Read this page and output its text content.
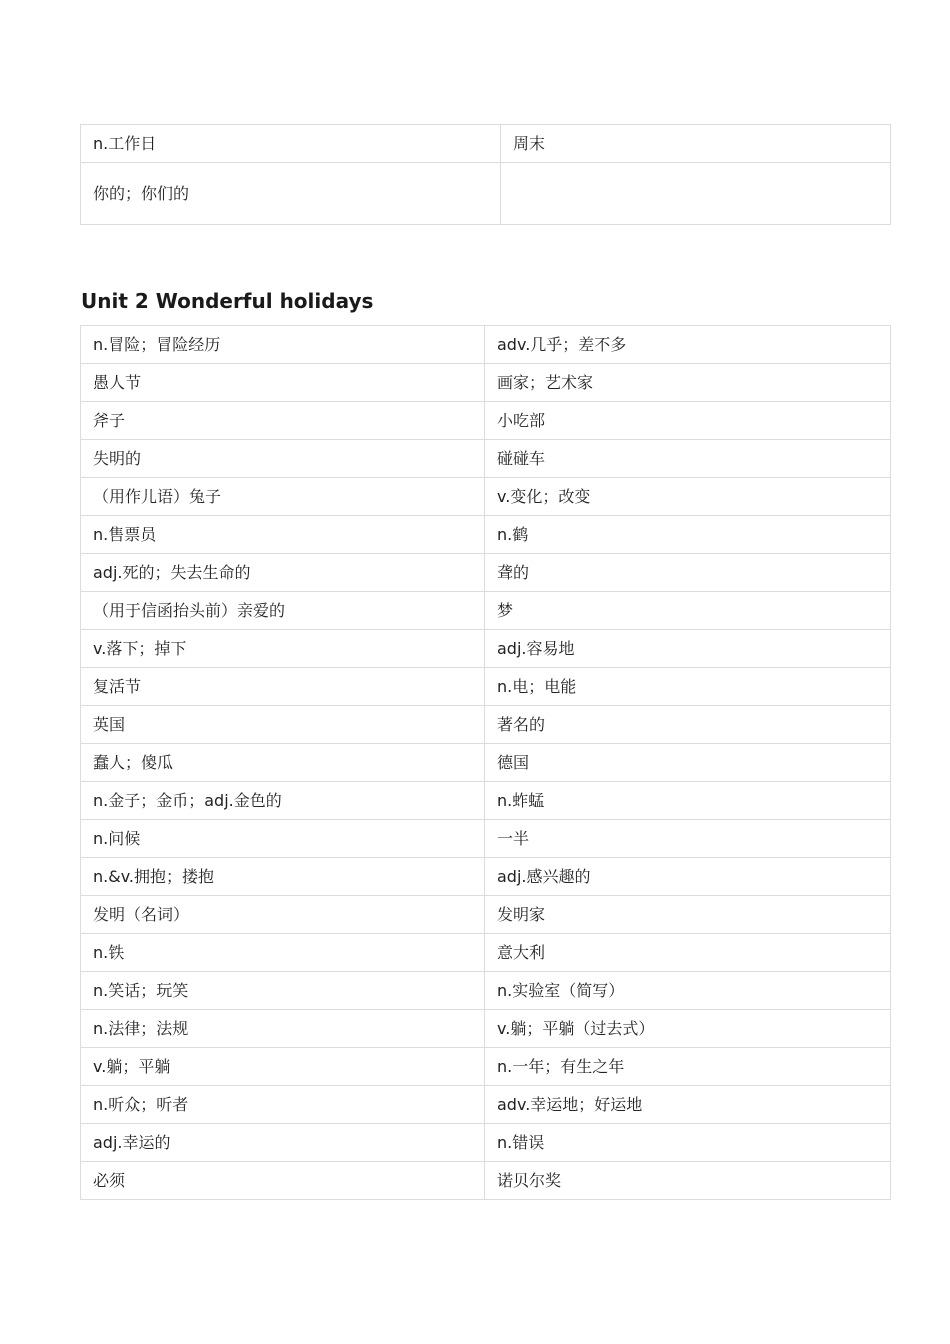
n.工作日	周末
你的；你们的	
Unit 2 Wonderful holidays
n.冒险；冒险经历	adv.几乎；差不多
愚人节	画家；艺术家
斧子	小吃部
失明的	碰碰车
（用作儿语）兔子	v.变化；改变
n.售票员	n.鹤
adj.死的；失去生命的	聋的
（用于信函抬头前）亲爱的	梦
v.落下；掉下	adj.容易地
复活节	n.电；电能
英国	著名的
蠢人；傻瓜	德国
n.金子；金币；adj.金色的	n.蚱蜢
n.问候	一半
n.&v.拥抱；搂抱	adj.感兴趣的
发明（名词）	发明家
n.铁	意大利
n.笑话；玩笑	n.实验室（简写）
n.法律；法规	v.躺；平躺（过去式）
v.躺；平躺	n.一年；有生之年
n.听众；听者	adv.幸运地；好运地
adj.幸运的	n.错误
必须	诺贝尔奖
